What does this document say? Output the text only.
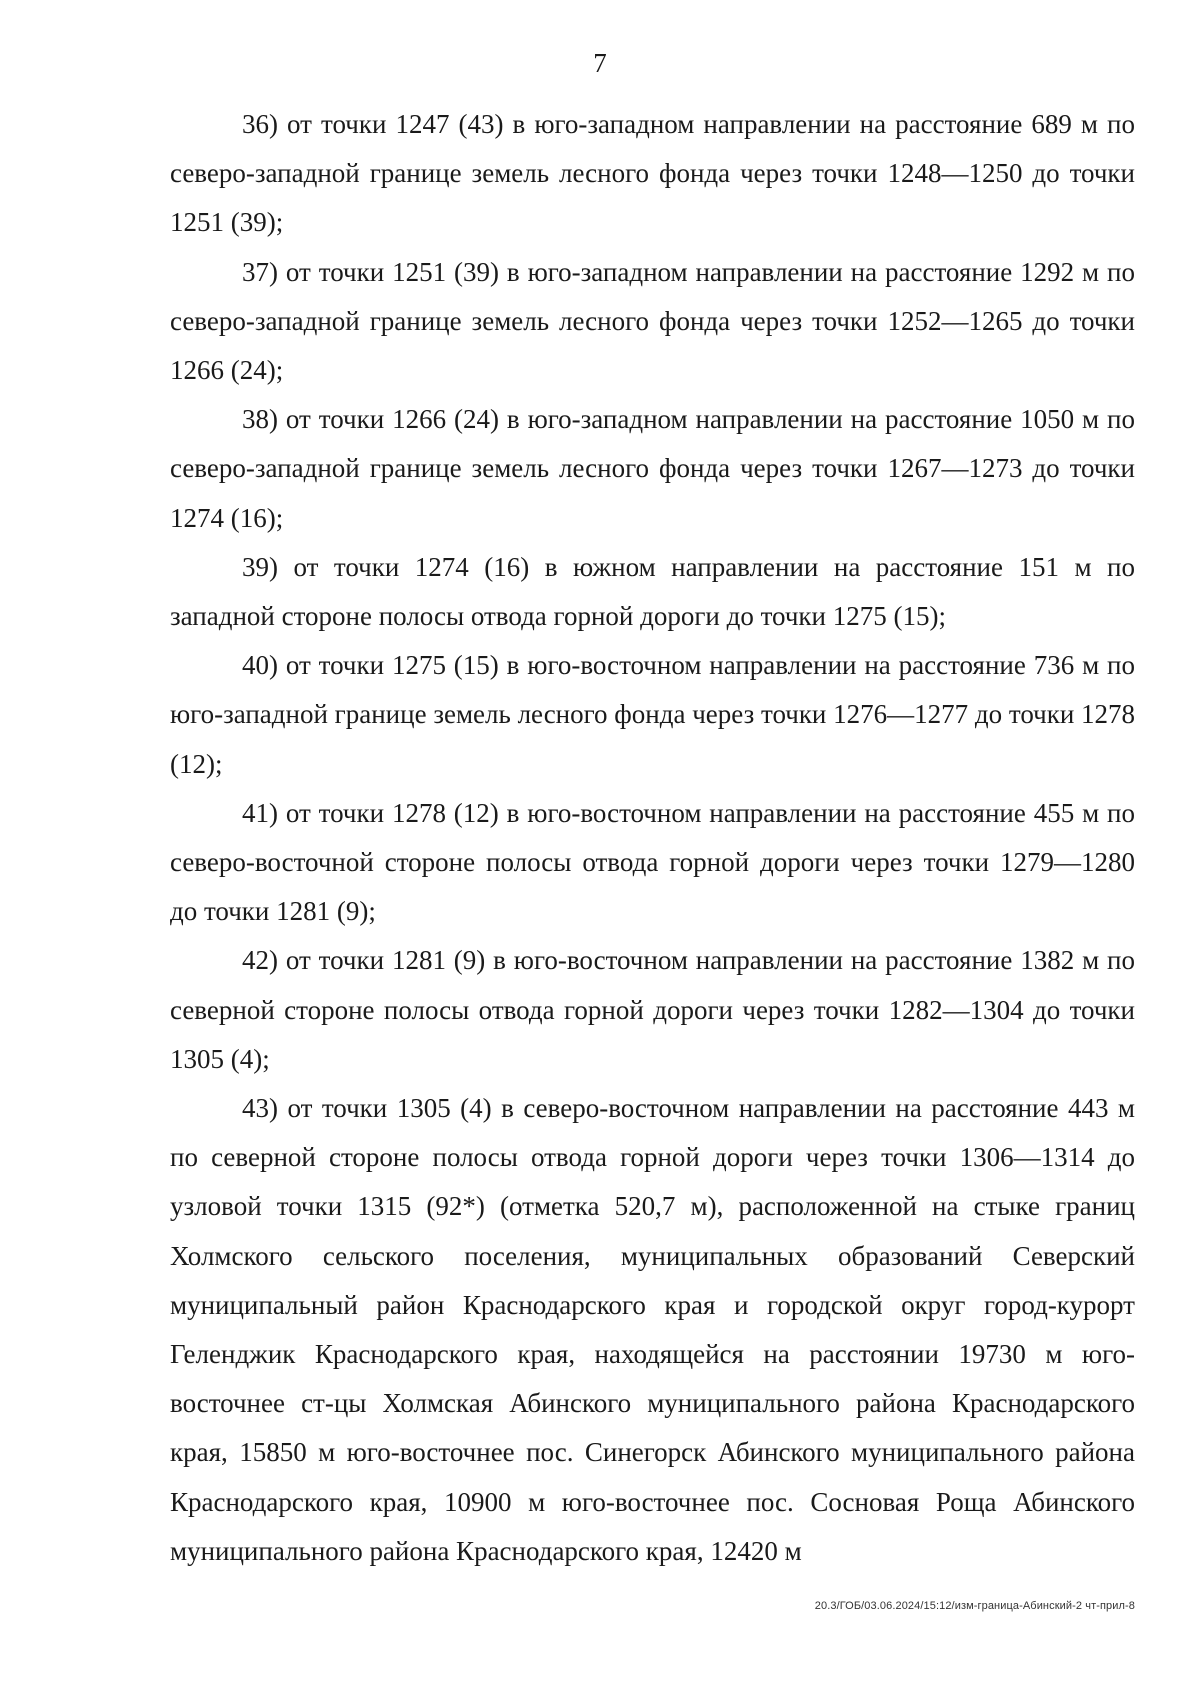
7

36) от точки 1247 (43) в юго-западном направлении на расстояние 689 м по северо-западной границе земель лесного фонда через точки 1248—1250 до точки 1251 (39);

37) от точки 1251 (39) в юго-западном направлении на расстояние 1292 м по северо-западной границе земель лесного фонда через точки 1252—1265 до точки 1266 (24);

38) от точки 1266 (24) в юго-западном направлении на расстояние 1050 м по северо-западной границе земель лесного фонда через точки 1267—1273 до точки 1274 (16);

39) от точки 1274 (16) в южном направлении на расстояние 151 м по западной стороне полосы отвода горной дороги до точки 1275 (15);

40) от точки 1275 (15) в юго-восточном направлении на расстояние 736 м по юго-западной границе земель лесного фонда через точки 1276—1277 до точки 1278 (12);

41) от точки 1278 (12) в юго-восточном направлении на расстояние 455 м по северо-восточной стороне полосы отвода горной дороги через точки 1279—1280 до точки 1281 (9);

42) от точки 1281 (9) в юго-восточном направлении на расстояние 1382 м по северной стороне полосы отвода горной дороги через точки 1282—1304 до точки 1305 (4);

43) от точки 1305 (4) в северо-восточном направлении на расстояние 443 м по северной стороне полосы отвода горной дороги через точки 1306—1314 до узловой точки 1315 (92*) (отметка 520,7 м), расположенной на стыке границ Холмского сельского поселения, муниципальных образований Северский муниципальный район Краснодарского края и городской округ город-курорт Геленджик Краснодарского края, находящейся на расстоянии 19730 м юго-восточнее ст-цы Холмская Абинского муниципального района Краснодарского края, 15850 м юго-восточнее пос. Синегорск Абинского муниципального района Краснодарского края, 10900 м юго-восточнее пос. Сосновая Роща Абинского муниципального района Краснодарского края, 12420 м

20.3/ГОБ/03.06.2024/15:12/изм-граница-Абинский-2 чт-прил-8
